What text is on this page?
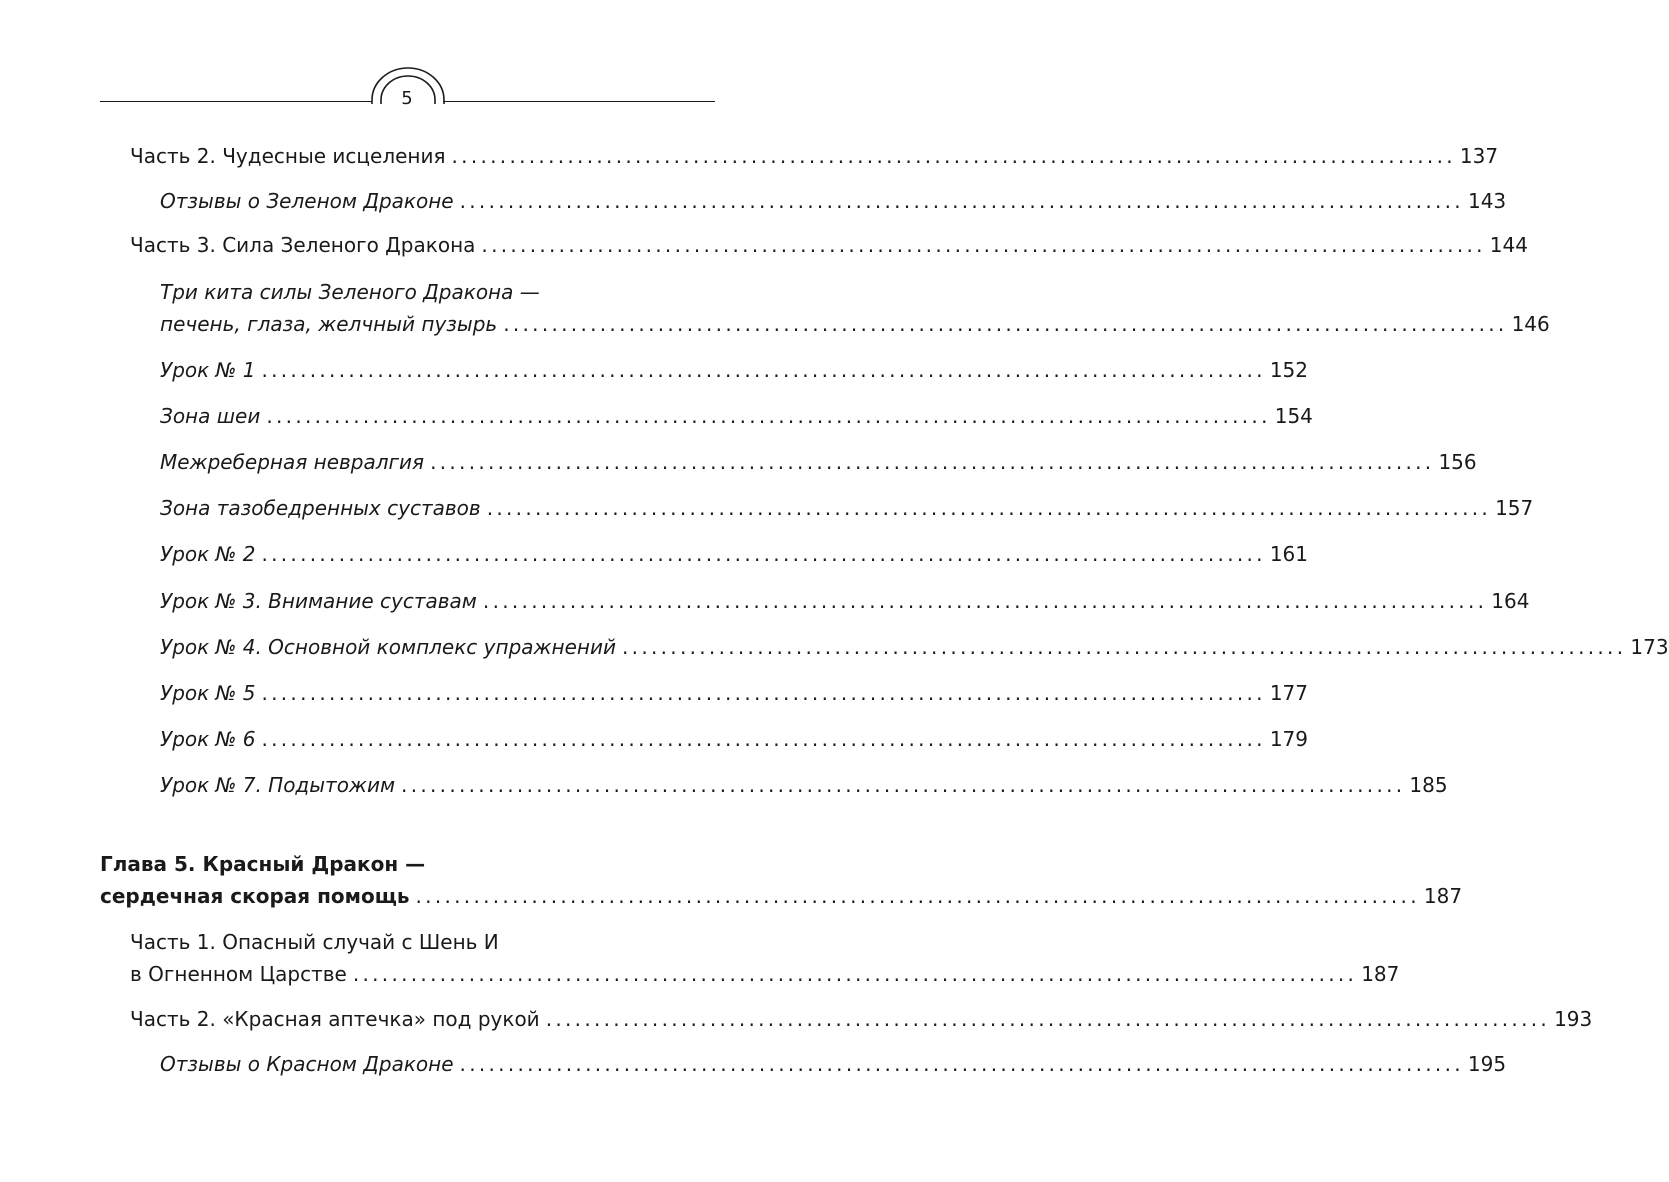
5
Часть 2. Чудесные исцеления ........................................................................................................ 137
Отзывы о Зеленом Драконе ........................................................................................................ 143
Часть 3. Сила Зеленого Дракона ........................................................................................................ 144
Три кита силы Зеленого Дракона —
печень, глаза, желчный пузырь ........................................................................................................ 146
Урок № 1 ........................................................................................................ 152
Зона шеи ........................................................................................................ 154
Межреберная невралгия ........................................................................................................ 156
Зона тазобедренных суставов ........................................................................................................ 157
Урок № 2 ........................................................................................................ 161
Урок № 3. Внимание суставам ........................................................................................................ 164
Урок № 4. Основной комплекс упражнений ........................................................................................................ 173
Урок № 5 ........................................................................................................ 177
Урок № 6 ........................................................................................................ 179
Урок № 7. Подытожим ........................................................................................................ 185
Глава 5. Красный Дракон —
сердечная скорая помощь ........................................................................................................ 187
Часть 1. Опасный случай с Шень И
в Огненном Царстве ........................................................................................................ 187
Часть 2. «Красная аптечка» под рукой ........................................................................................................ 193
Отзывы о Красном Драконе ........................................................................................................ 195
